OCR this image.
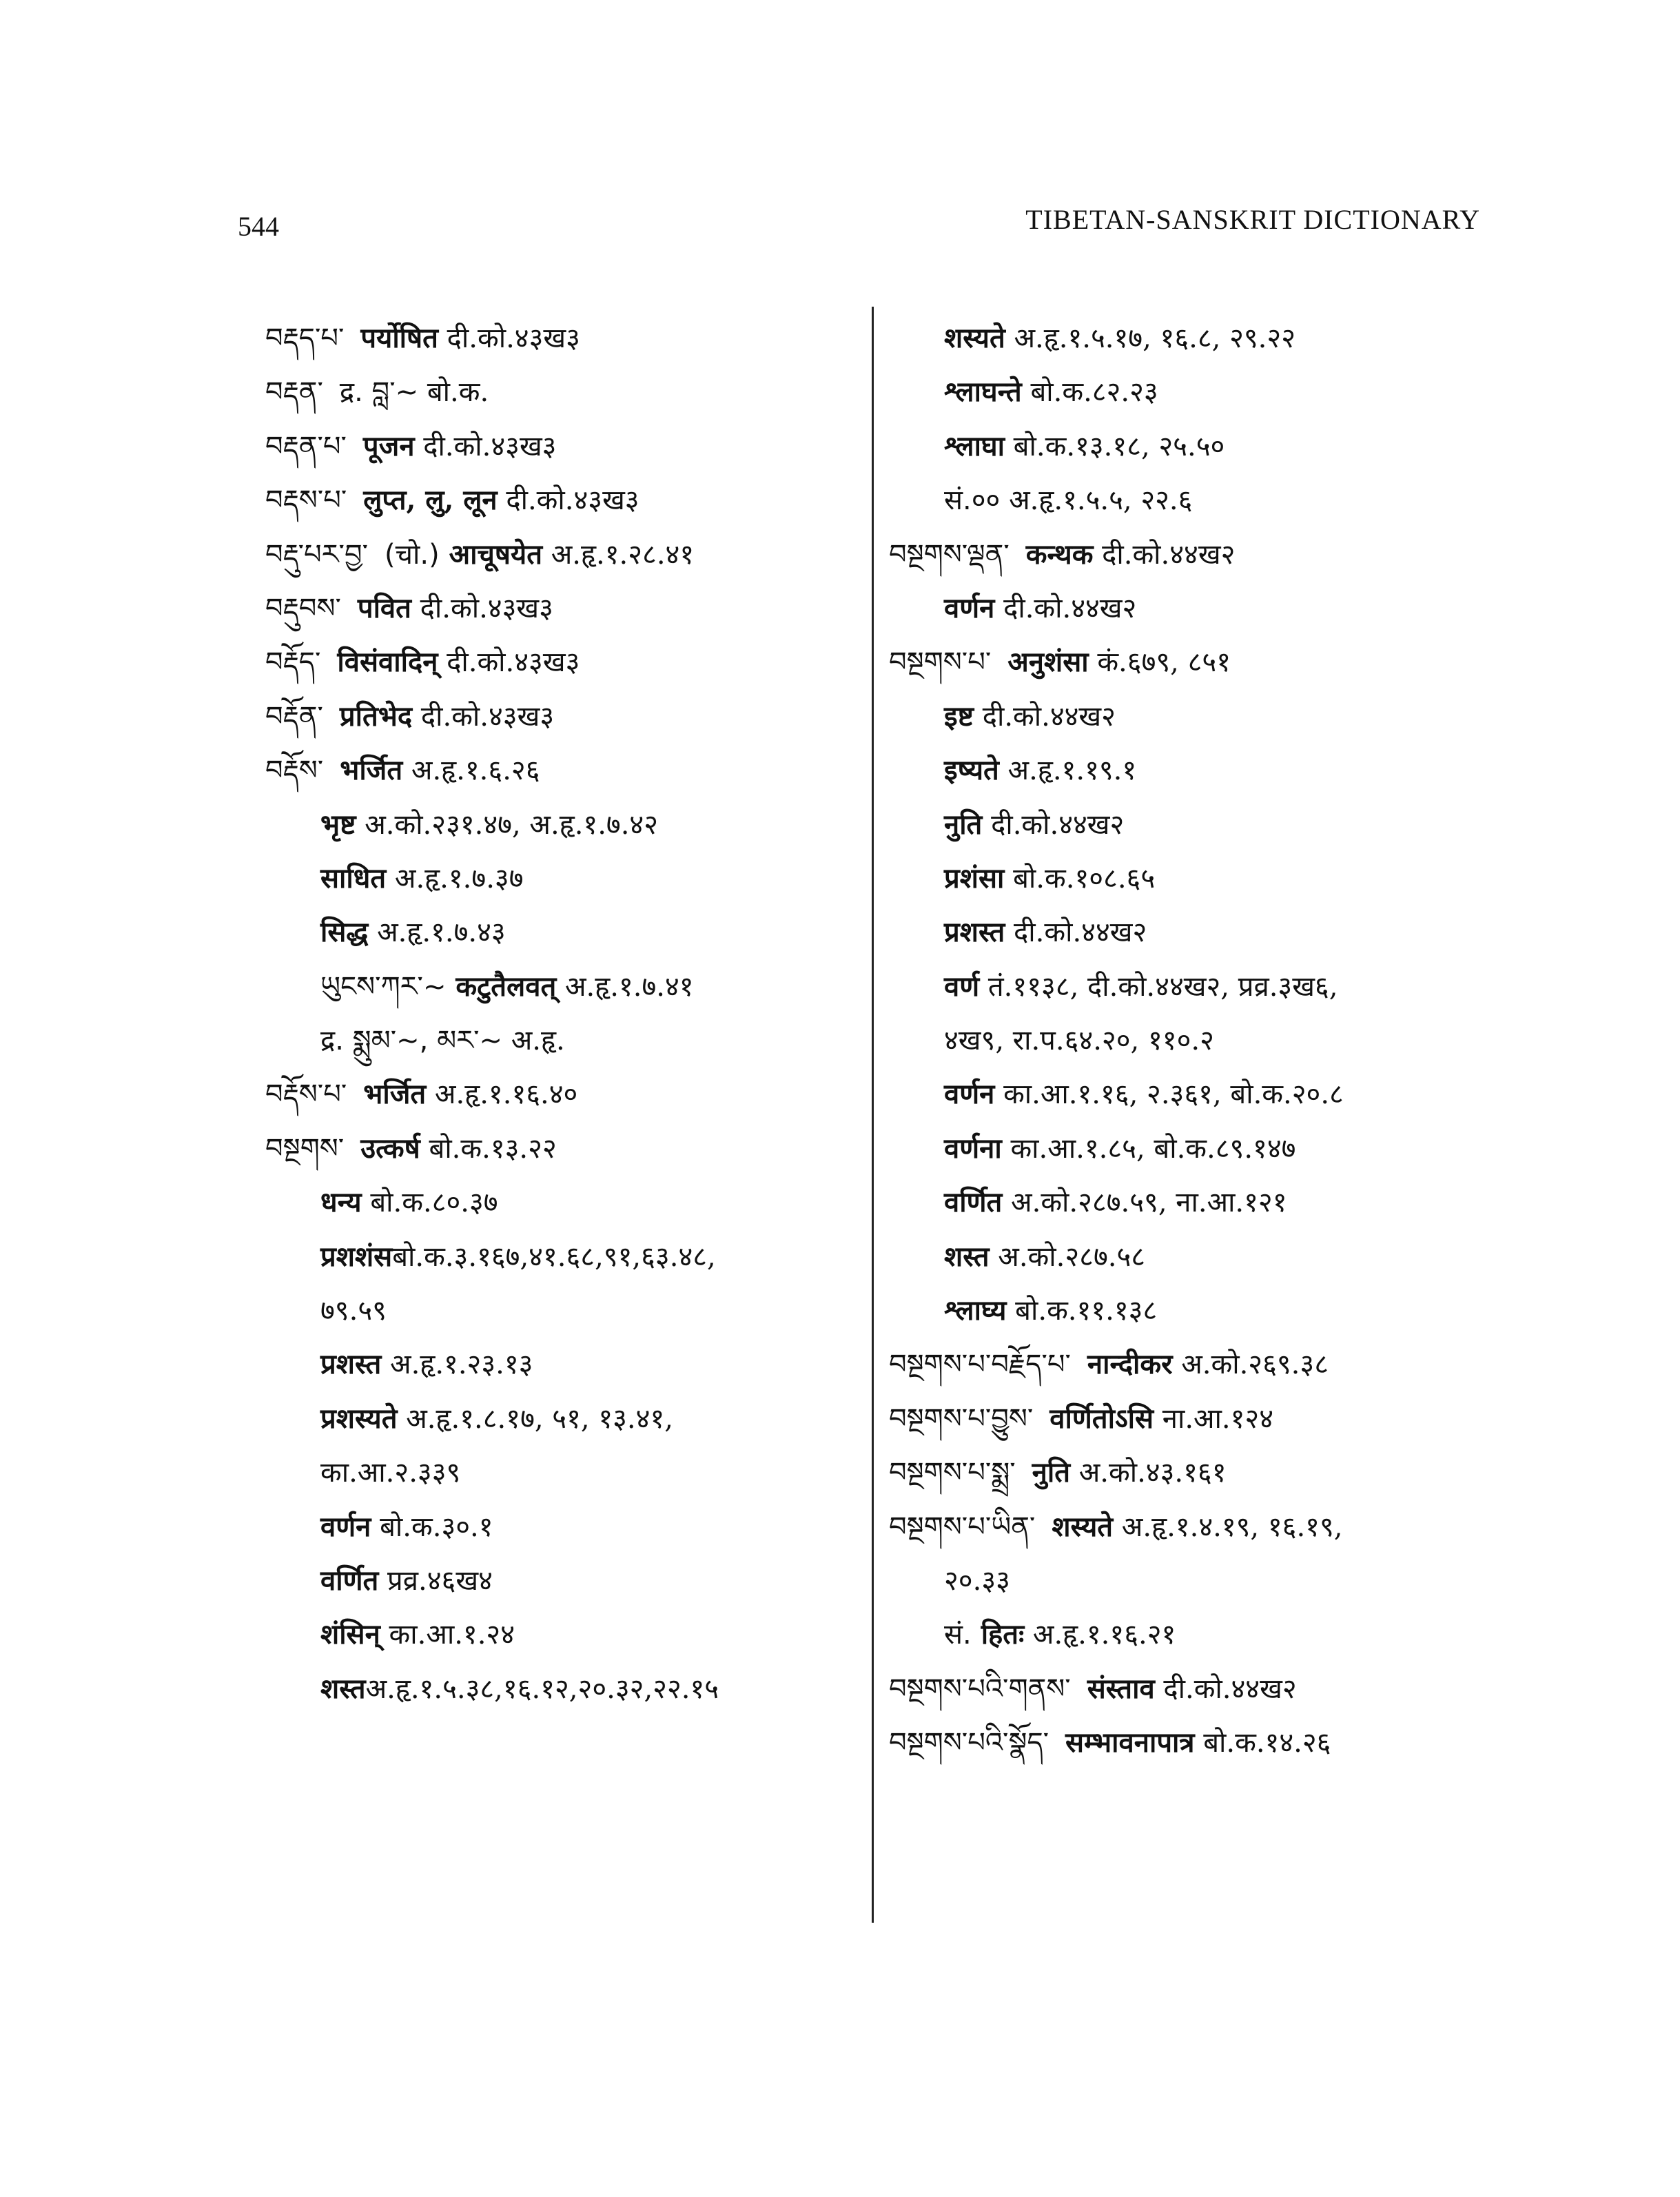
544	TIBETAN-SANSKRIT DICTIONARY
བརྡད་པ་ पर्योषित दी.को.४३ख३
བརྡན་ द्र. བླ་~ बो.क.
བརྡན་པ་ पूजन दी.को.४३ख३
བརྡས་པ་ लुप्त, लु, लून दी.को.४३ख३
བརྡུ་པར་བྱ་ (चो.) आचूषयेत अ.हृ.१.२८.४१
བརྡུབས་ पवित दी.को.४३ख३
བརྡོད་ विसंवादिन् दी.को.४३ख३
བརྡོན་ प्रतिभेद दी.को.४३ख३
བརྡོས་ भर्जित अ.हृ.१.६.२६
भृष्ट अ.को.२३१.४७, अ.हृ.१.७.४२
साधित अ.हृ.१.७.३७
सिद्ध अ.हृ.१.७.४३
ཡུངས་ཀར་~ कटुतैलवत् अ.हृ.१.७.४१
द्र. སྨུམ་~, མར་~ अ.हृ.
བརྡོས་པ་ भर्जित अ.हृ.१.१६.४०
བསྔགས་ उत्कर्ष बो.क.१३.२२
धन्य बो.क.८०.३७
प्रशशंसबो.क.३.१६७,४१.६८,९१,६३.४८,
७९.५९
प्रशस्त अ.हृ.१.२३.१३
प्रशस्यते अ.हृ.१.८.१७, ५१, १३.४१,
का.आ.२.३३९
वर्णन बो.क.३०.१
वर्णित प्रव्र.४६ख४
शंसिन् का.आ.१.२४
शस्तअ.हृ.१.५.३८,१६.१२,२०.३२,२२.१५
शस्यते अ.हृ.१.५.१७, १६.८, २९.२२
श्लाघन्ते बो.क.८२.२३
श्लाघा बो.क.१३.१८, २५.५०
सं.०० अ.हृ.१.५.५, २२.६
བསྔགས་ལྡན་ कन्थक दी.को.४४ख२
वर्णन दी.को.४४ख२
བསྔགས་པ་ अनुशंसा कं.६७९, ८५१
इष्ट दी.को.४४ख२
इष्यते अ.हृ.१.१९.१
नुति दी.को.४४ख२
प्रशंसा बो.क.१०८.६५
प्रशस्त दी.को.४४ख२
वर्ण तं.११३८, दी.को.४४ख२, प्रव्र.३ख६,
४ख९, रा.प.६४.२०, ११०.२
वर्णन का.आ.१.१६, २.३६१, बो.क.२०.८
वर्णना का.आ.१.८५, बो.क.८९.१४७
वर्णित अ.को.२८७.५९, ना.आ.१२१
शस्त अ.को.२८७.५८
श्लाघ्य बो.क.११.१३८
བསྔགས་པ་བརྗོད་པ་ नान्दीकर अ.को.२६९.३८
བསྔགས་པ་བྱུས་ वर्णितोऽसि ना.आ.१२४
བསྔགས་པ་སྨྲ་ नुति अ.को.४३.१६१
བསྔགས་པ་ཡིན་ शस्यते अ.हृ.१.४.१९, १६.१९,
२०.३३
सं. हितः अ.हृ.१.१६.२१
བསྔགས་པའི་གནས་ संस्ताव दी.को.४४ख२
བསྔགས་པའི་སྣོད་ सम्भावनापात्र बो.क.१४.२६
